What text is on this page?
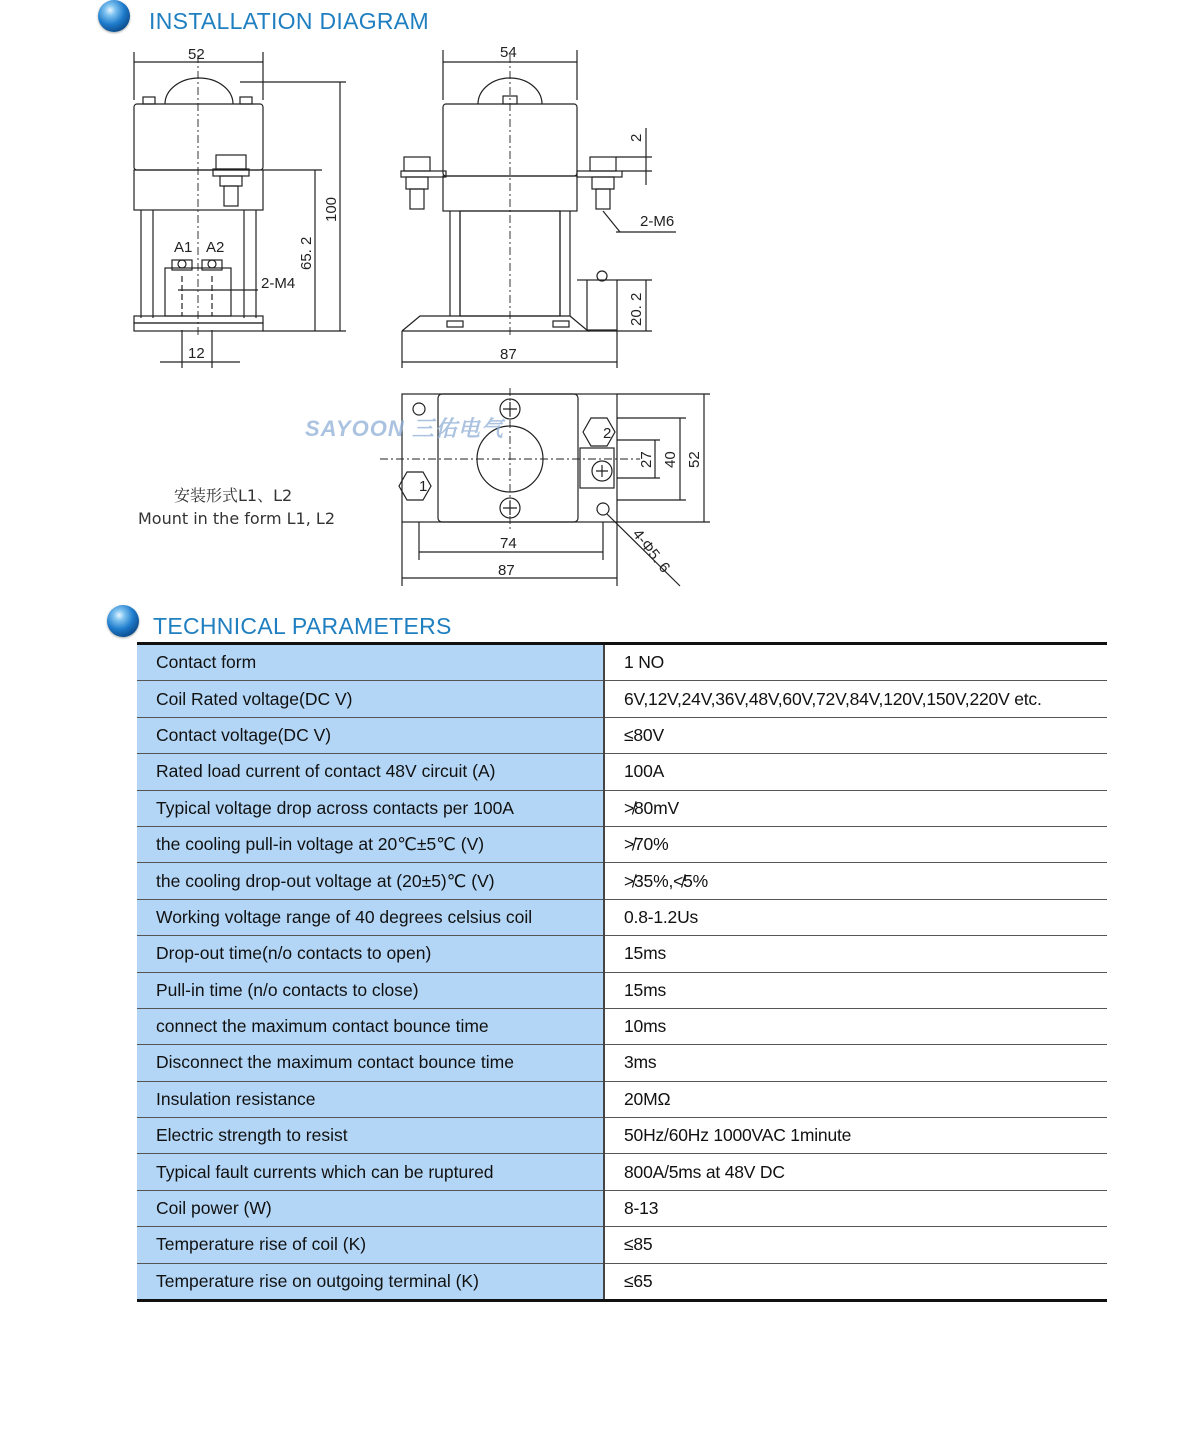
INSTALLATION DIAGRAM
52	54
100
65. 2
12
2-M4
A1 A2
2
2-M6
20. 2
87
74
87
27 40 52
4-Φ5. 6
1
2
SAYOON 三佑电气
安装形式L1、L2
Mount in the form L1, L2
TECHNICAL PARAMETERS
Contact form	1 NO
Coil Rated voltage(DC V)	6V,12V,24V,36V,48V,60V,72V,84V,120V,150V,220V etc.
Contact voltage(DC V)	≤80V
Rated load current of contact 48V circuit (A)	100A
Typical voltage drop across contacts per 100A	≯80mV
the cooling pull-in voltage at 20℃±5℃ (V)	≯70%
the cooling drop-out voltage at (20±5)℃ (V)	≯35%,≮5%
Working voltage range of 40 degrees celsius coil	0.8-1.2Us
Drop-out time(n/o contacts to open)	15ms
Pull-in time (n/o contacts to close)	15ms
connect the maximum contact bounce time	10ms
Disconnect the maximum contact bounce time	3ms
Insulation resistance	20MΩ
Electric strength to resist	50Hz/60Hz 1000VAC 1minute
Typical fault currents which can be ruptured	800A/5ms at 48V DC
Coil power (W)	8-13
Temperature rise of coil (K)	≤85
Temperature rise on outgoing terminal (K)	≤65
